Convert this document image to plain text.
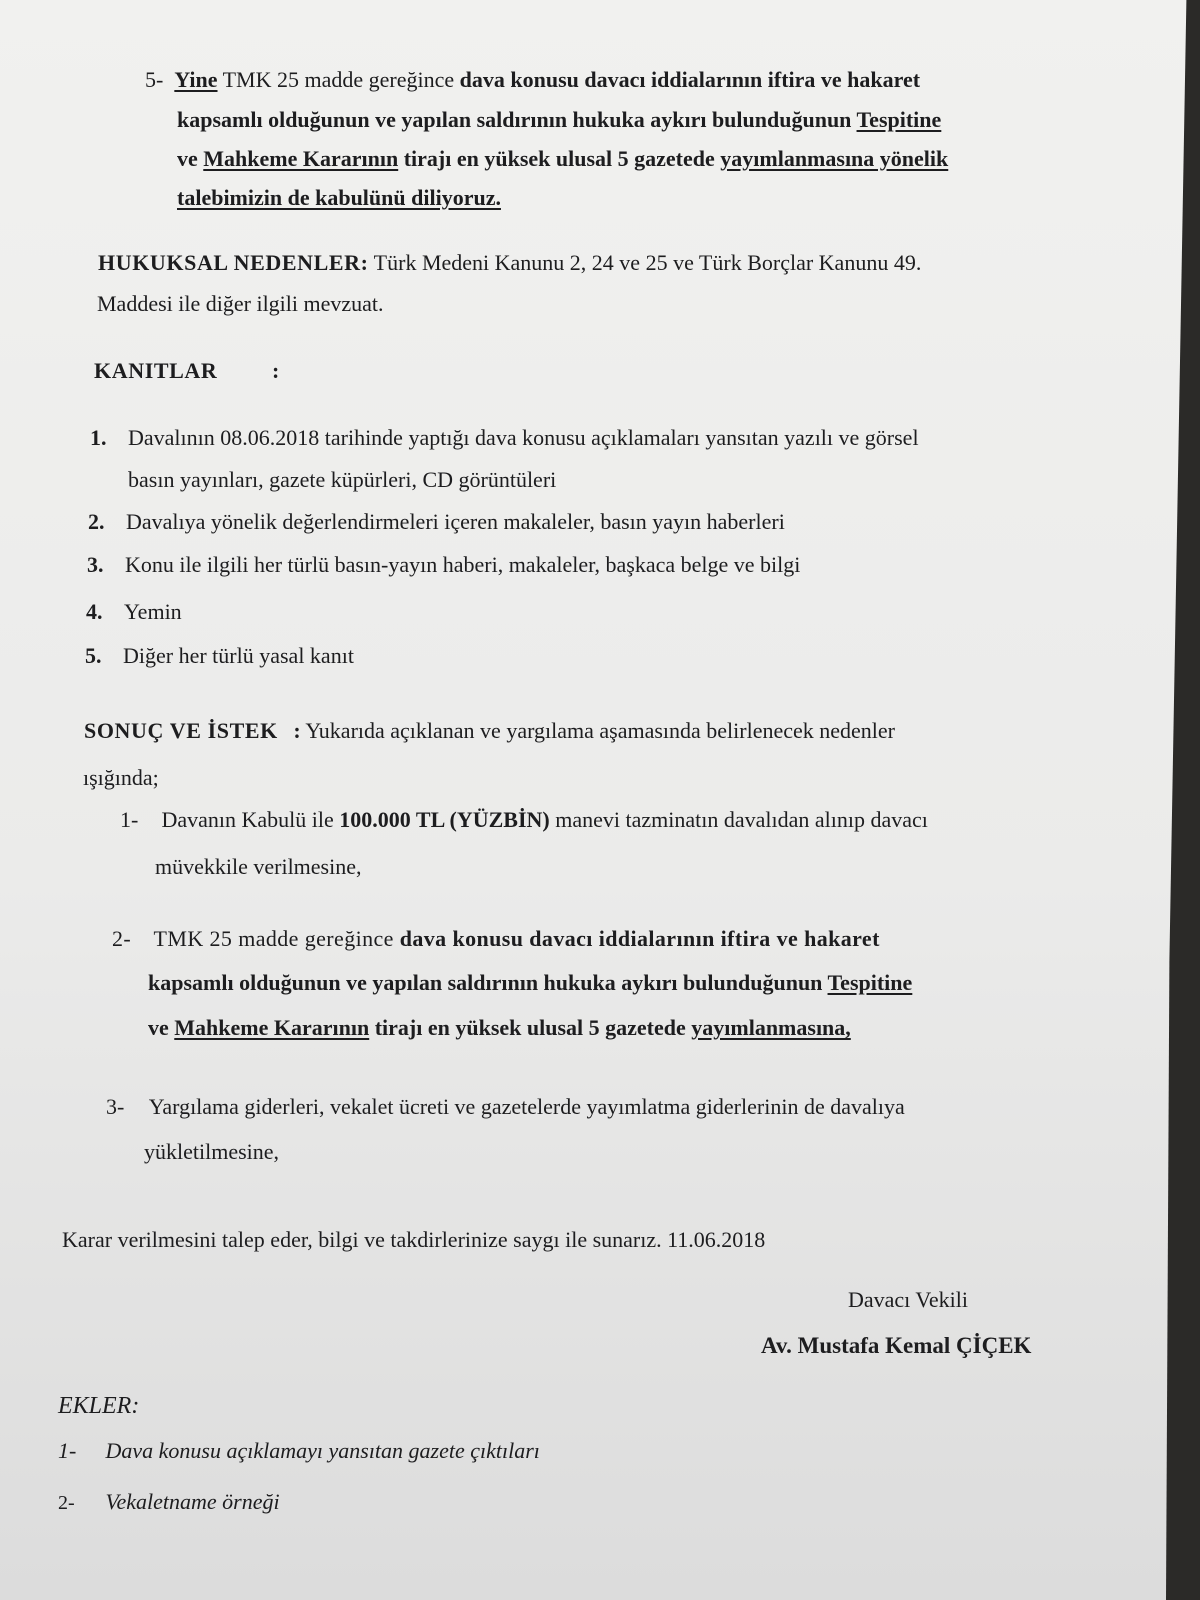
5- Yine TMK 25 madde gereğince dava konusu davacı iddialarının iftira ve hakaret
kapsamlı olduğunun ve yapılan saldırının hukuka aykırı bulunduğunun Tespitine
ve Mahkeme Kararının tirajı en yüksek ulusal 5 gazetede yayımlanmasına yönelik
talebimizin de kabulünü diliyoruz.
HUKUKSAL NEDENLER: Türk Medeni Kanunu 2, 24 ve 25 ve Türk Borçlar Kanunu 49.
Maddesi ile diğer ilgili mevzuat.
KANITLAR :
1. Davalının 08.06.2018 tarihinde yaptığı dava konusu açıklamaları yansıtan yazılı ve görsel
basın yayınları, gazete küpürleri, CD görüntüleri
2. Davalıya yönelik değerlendirmeleri içeren makaleler, basın yayın haberleri
3. Konu ile ilgili her türlü basın-yayın haberi, makaleler, başkaca belge ve bilgi
4. Yemin
5. Diğer her türlü yasal kanıt
SONUÇ VE İSTEK : Yukarıda açıklanan ve yargılama aşamasında belirlenecek nedenler
ışığında;
1- Davanın Kabulü ile 100.000 TL (YÜZBİN) manevi tazminatın davalıdan alınıp davacı
müvekkile verilmesine,
2- TMK 25 madde gereğince dava konusu davacı iddialarının iftira ve hakaret
kapsamlı olduğunun ve yapılan saldırının hukuka aykırı bulunduğunun Tespitine
ve Mahkeme Kararının tirajı en yüksek ulusal 5 gazetede yayımlanmasına,
3- Yargılama giderleri, vekalet ücreti ve gazetelerde yayımlatma giderlerinin de davalıya
yükletilmesine,
Karar verilmesini talep eder, bilgi ve takdirlerinize saygı ile sunarız. 11.06.2018
Davacı Vekili
Av. Mustafa Kemal ÇİÇEK
EKLER:
1- Dava konusu açıklamayı yansıtan gazete çıktıları
2- Vekaletname örneği
